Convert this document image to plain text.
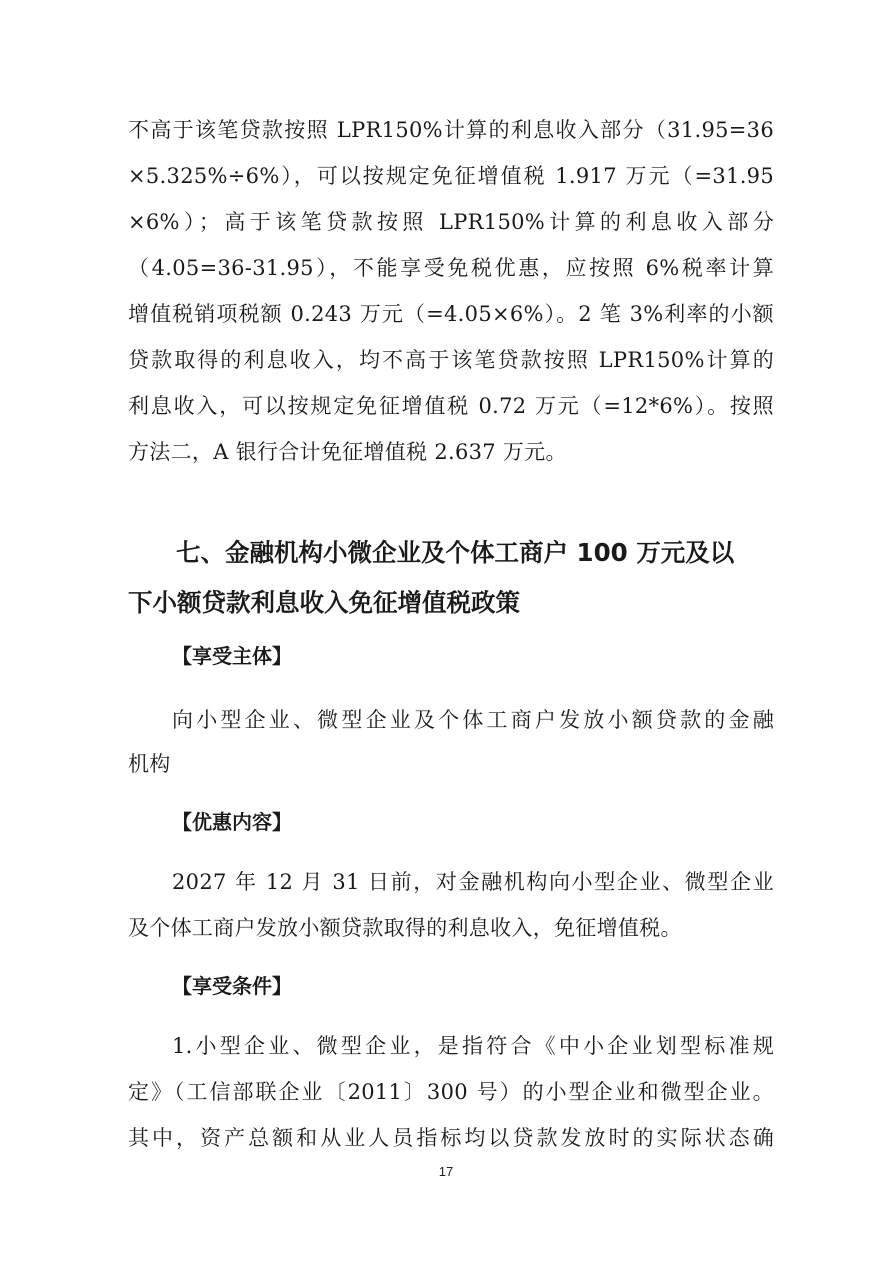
不高于该笔贷款按照 LPR150%计算的利息收入部分（31.95=36
×5.325%÷6%），可以按规定免征增值税 1.917 万元（=31.95
×6%）；高于该笔贷款按照 LPR150%计算的利息收入部分
（4.05=36-31.95），不能享受免税优惠，应按照 6%税率计算
增值税销项税额 0.243 万元（=4.05×6%）。2 笔 3%利率的小额
贷款取得的利息收入，均不高于该笔贷款按照 LPR150%计算的
利息收入，可以按规定免征增值税 0.72 万元（=12*6%）。按照
方法二，A 银行合计免征增值税 2.637 万元。
七、金融机构小微企业及个体工商户 100 万元及以
下小额贷款利息收入免征增值税政策
【享受主体】
向小型企业、微型企业及个体工商户发放小额贷款的金融
机构
【优惠内容】
2027 年 12 月 31 日前，对金融机构向小型企业、微型企业
及个体工商户发放小额贷款取得的利息收入，免征增值税。
【享受条件】
1.小型企业、微型企业，是指符合《中小企业划型标准规
定》（工信部联企业〔2011〕300 号）的小型企业和微型企业。
其中，资产总额和从业人员指标均以贷款发放时的实际状态确
17
